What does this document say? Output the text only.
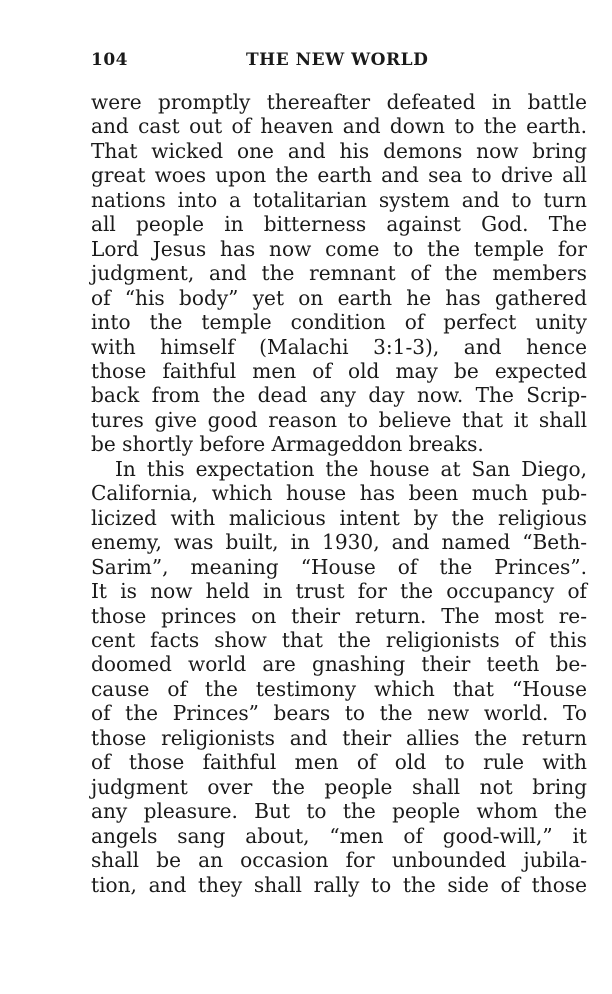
104	THE NEW WORLD
were promptly thereafter defeated in battle
and cast out of heaven and down to the earth.
That wicked one and his demons now bring
great woes upon the earth and sea to drive all
nations into a totalitarian system and to turn
all people in bitterness against God. The
Lord Jesus has now come to the temple for
judgment, and the remnant of the members
of “his body” yet on earth he has gathered
into the temple condition of perfect unity
with himself (Malachi 3:1-3), and hence
those faithful men of old may be expected
back from the dead any day now. The Scrip-
tures give good reason to believe that it shall
be shortly before Armageddon breaks.
In this expectation the house at San Diego,
California, which house has been much pub-
licized with malicious intent by the religious
enemy, was built, in 1930, and named “Beth-
Sarim”, meaning “House of the Princes”.
It is now held in trust for the occupancy of
those princes on their return. The most re-
cent facts show that the religionists of this
doomed world are gnashing their teeth be-
cause of the testimony which that “House
of the Princes” bears to the new world. To
those religionists and their allies the return
of those faithful men of old to rule with
judgment over the people shall not bring
any pleasure. But to the people whom the
angels sang about, “men of good-will,” it
shall be an occasion for unbounded jubila-
tion, and they shall rally to the side of those
